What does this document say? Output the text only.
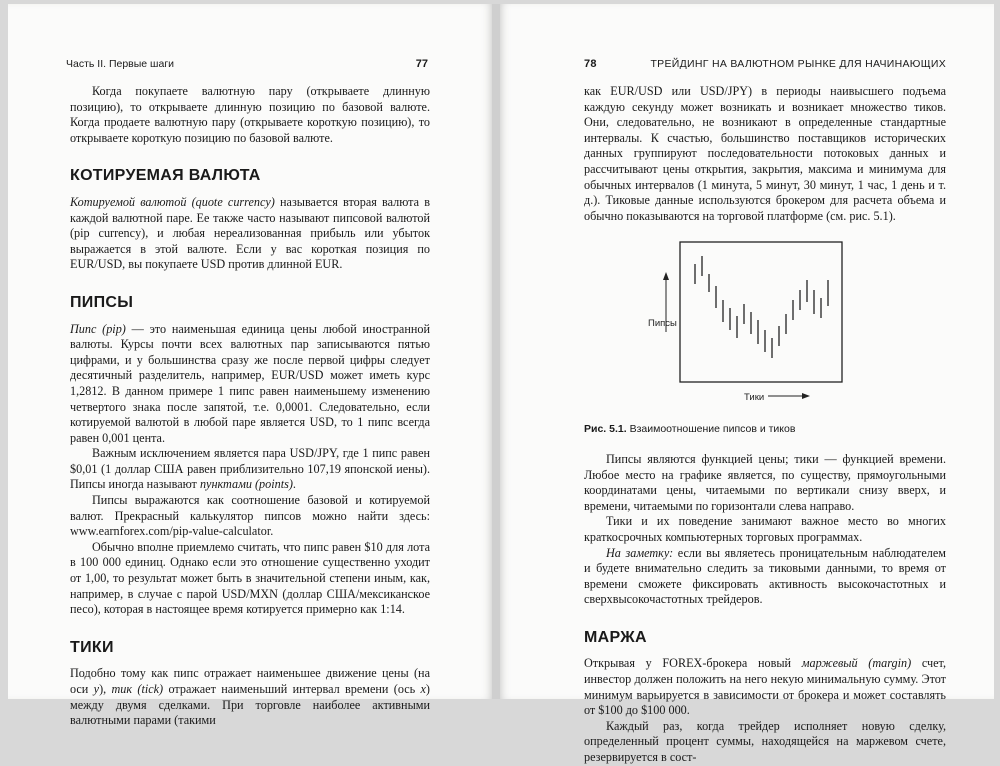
Часть II. Первые шаги	77

Когда покупаете валютную пару (открываете длинную позицию), то открываете длинную позицию по базовой валюте. Когда продаете валютную пару (открываете короткую позицию), то открываете короткую позицию по базовой валюте.

КОТИРУЕМАЯ ВАЛЮТА

Котируемой валютой (quote currency) называется вторая валюта в каждой валютной паре. Ее также часто называют пипсовой валютой (pip currency), и любая нереализованная прибыль или убыток выражается в этой валюте. Если у вас короткая позиция по EUR/USD, вы покупаете USD против длинной EUR.

ПИПСЫ

Пипс (pip) — это наименьшая единица цены любой иностранной валюты. Курсы почти всех валютных пар записываются пятью цифрами, и у большинства сразу же после первой цифры следует десятичный разделитель, например, EUR/USD может иметь курс 1,2812. В данном примере 1 пипс равен наименьшему изменению четвертого знака после запятой, т.е. 0,0001. Следовательно, если котируемой валютой в любой паре является USD, то 1 пипс всегда равен 0,001 цента.

Важным исключением является пара USD/JPY, где 1 пипс равен $0,01 (1 доллар США равен приблизительно 107,19 японской иены). Пипсы иногда называют пунктами (points).

Пипсы выражаются как соотношение базовой и котируемой валют. Прекрасный калькулятор пипсов можно найти здесь: www.earnforex.com/pip-value-calculator.

Обычно вполне приемлемо считать, что пипс равен $10 для лота в 100 000 единиц. Однако если это отношение существенно уходит от 1,00, то результат может быть в значительной степени иным, как, например, в случае с парой USD/MXN (доллар США/мексиканское песо), которая в настоящее время котируется примерно как 1:14.

ТИКИ

Подобно тому как пипс отражает наименьшее движение цены (на оси y), тик (tick) отражает наименьший интервал времени (ось x) между двумя сделками. При торговле наиболее активными валютными парами (такими

78	ТРЕЙДИНГ НА ВАЛЮТНОМ РЫНКЕ ДЛЯ НАЧИНАЮЩИХ

как EUR/USD или USD/JPY) в периоды наивысшего подъема каждую секунду может возникать и возникает множество тиков. Они, следовательно, не возникают в определенные стандартные интервалы. К счастью, большинство поставщиков исторических данных группируют последовательности потоковых данных и рассчитывают цены открытия, закрытия, максима и минимума для обычных интервалов (1 минута, 5 минут, 30 минут, 1 час, 1 день и т. д.). Тиковые данные используются брокером для расчета объема и обычно показываются на торговой платформе (см. рис. 5.1).

Пипсы
Тики
Рис. 5.1. Взаимоотношение пипсов и тиков

Пипсы являются функцией цены; тики — функцией времени. Любое место на графике является, по существу, прямоугольными координатами цены, читаемыми по вертикали снизу вверх, и времени, читаемыми по горизонтали слева направо.

Тики и их поведение занимают важное место во многих краткосрочных компьютерных торговых программах.

На заметку: если вы являетесь проницательным наблюдателем и будете внимательно следить за тиковыми данными, то время от времени сможете фиксировать активность высокочастотных и сверхвысокочастотных трейдеров.

МАРЖА

Открывая у FOREX-брокера новый маржевый (margin) счет, инвестор должен положить на него некую минимальную сумму. Этот минимум варьируется в зависимости от брокера и может составлять от $100 до $100 000.

Каждый раз, когда трейдер исполняет новую сделку, определенный процент суммы, находящейся на маржевом счете, резервируется в сост-
